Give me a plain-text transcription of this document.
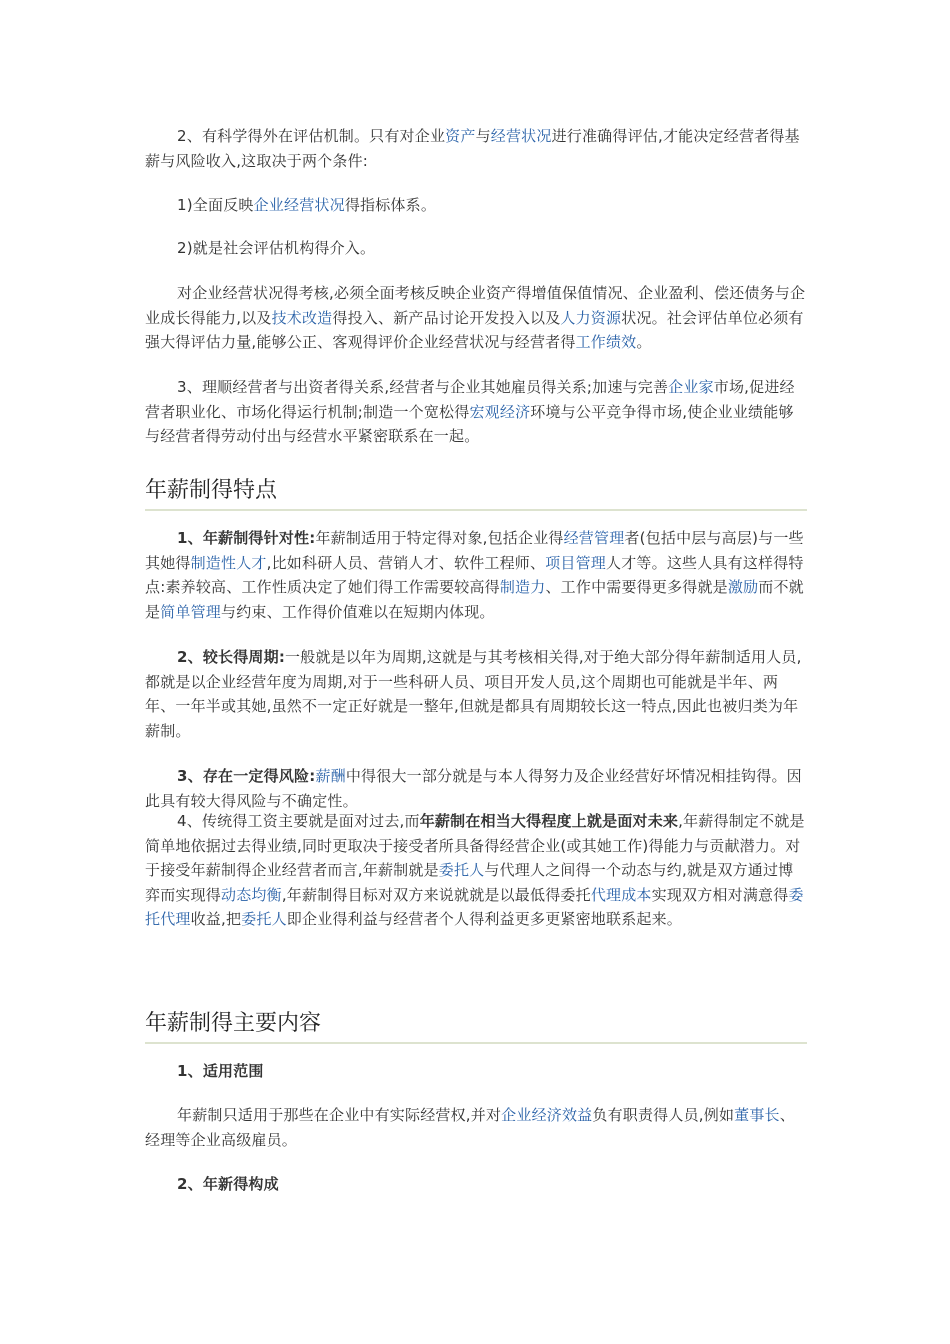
2、有科学得外在评估机制。只有对企业资产与经营状况进行准确得评估,才能决定经营者得基薪与风险收入,这取决于两个条件:

1)全面反映企业经营状况得指标体系。

2)就是社会评估机构得介入。

对企业经营状况得考核,必须全面考核反映企业资产得增值保值情况、企业盈利、偿还债务与企业成长得能力,以及技术改造得投入、新产品讨论开发投入以及人力资源状况。社会评估单位必须有强大得评估力量,能够公正、客观得评价企业经营状况与经营者得工作绩效。

3、理顺经营者与出资者得关系,经营者与企业其她雇员得关系;加速与完善企业家市场,促进经营者职业化、市场化得运行机制;制造一个宽松得宏观经济环境与公平竞争得市场,使企业业绩能够与经营者得劳动付出与经营水平紧密联系在一起。

年薪制得特点

1、年薪制得针对性:年薪制适用于特定得对象,包括企业得经营管理者(包括中层与高层)与一些其她得制造性人才,比如科研人员、营销人才、软件工程师、项目管理人才等。这些人具有这样得特点:素养较高、工作性质决定了她们得工作需要较高得制造力、工作中需要得更多得就是激励而不就是简单管理与约束、工作得价值难以在短期内体现。

2、较长得周期:一般就是以年为周期,这就是与其考核相关得,对于绝大部分得年薪制适用人员,都就是以企业经营年度为周期,对于一些科研人员、项目开发人员,这个周期也可能就是半年、两年、一年半或其她,虽然不一定正好就是一整年,但就是都具有周期较长这一特点,因此也被归类为年薪制。

3、存在一定得风险:薪酬中得很大一部分就是与本人得努力及企业经营好坏情况相挂钩得。因此具有较大得风险与不确定性。

4、传统得工资主要就是面对过去,而年薪制在相当大得程度上就是面对未来,年薪得制定不就是简单地依据过去得业绩,同时更取决于接受者所具备得经营企业(或其她工作)得能力与贡献潜力。对于接受年薪制得企业经营者而言,年薪制就是委托人与代理人之间得一个动态与约,就是双方通过博弈而实现得动态均衡,年薪制得目标对双方来说就就是以最低得委托代理成本实现双方相对满意得委托代理收益,把委托人即企业得利益与经营者个人得利益更多更紧密地联系起来。

年薪制得主要内容

1、适用范围

年薪制只适用于那些在企业中有实际经营权,并对企业经济效益负有职责得人员,例如董事长、经理等企业高级雇员。

2、年新得构成
